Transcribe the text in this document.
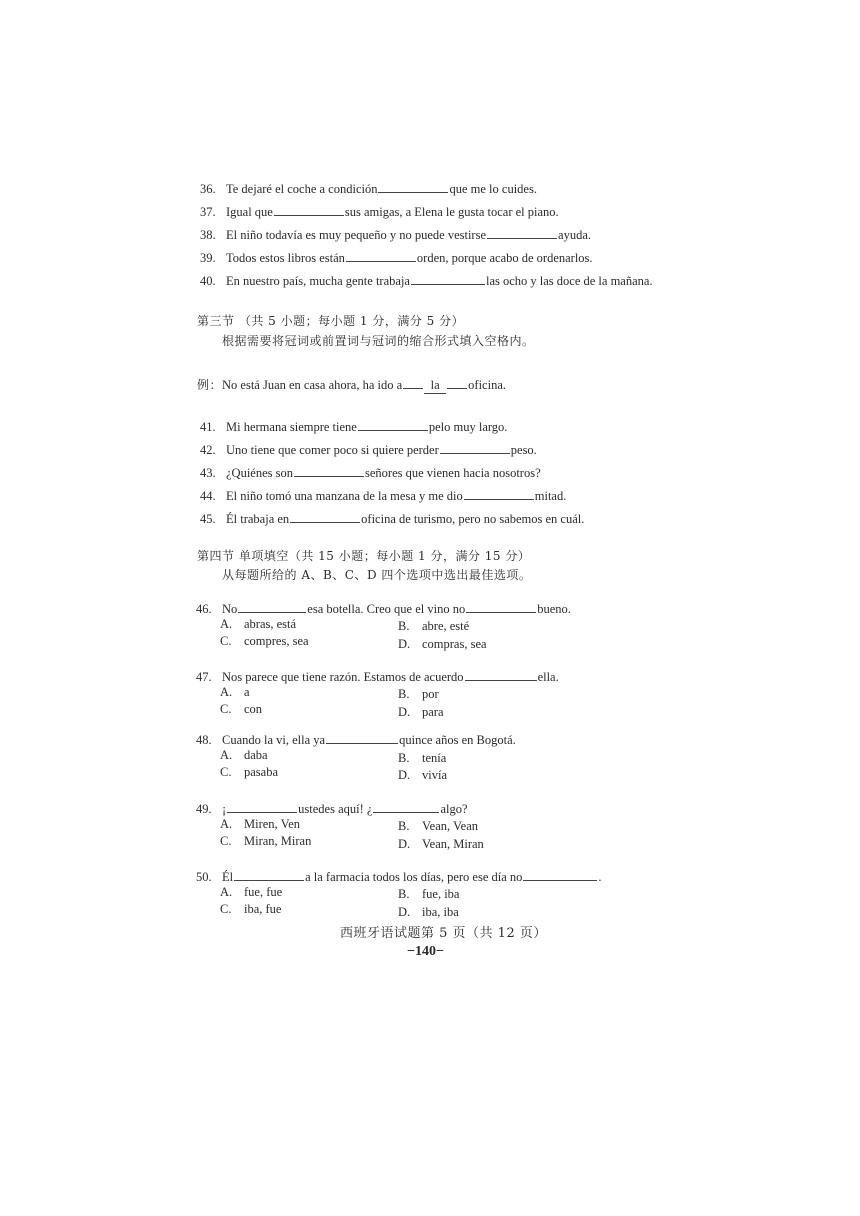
36. Te dejaré el coche a condición	que me lo cuides.
37. Igual que	sus amigas, a Elena le gusta tocar el piano.
38. El niño todavía es muy pequeño y no puede vestirse	ayuda.
39. Todos estos libros están	orden, porque acabo de ordenarlos.
40. En nuestro país, mucha gente trabaja	las ocho y las doce de la mañana.
第三节 （共 5 小题；每小题 1 分，满分 5 分）
根据需要将冠词或前置词与冠词的缩合形式填入空格内。
例：No está Juan en casa ahora, ha ido a la oficina.
41. Mi hermana siempre tiene	pelo muy largo.
42. Uno tiene que comer poco si quiere perder	peso.
43. ¿Quiénes son	señores que vienen hacia nosotros?
44. El niño tomó una manzana de la mesa y me dio	mitad.
45. Él trabaja en	oficina de turismo, pero no sabemos en cuál.
第四节 单项填空（共 15 小题；每小题 1 分，满分 15 分）
从每题所给的 A、B、C、D 四个选项中选出最佳选项。
46. No	esa botella. Creo que el vino no	bueno.
A. abras, está	B. abre, esté
C. compres, sea	D. compras, sea
47. Nos parece que tiene razón. Estamos de acuerdo	ella.
A. a	B. por
C. con	D. para
48. Cuando la vi, ella ya	quince años en Bogotá.
A. daba	B. tenía
C. pasaba	D. vivía
49. ¡	ustedes aquí! ¿	algo?
A. Miren, Ven	B. Vean, Vean
C. Miran, Miran	D. Vean, Miran
50. Él	a la farmacia todos los días, pero ese día no	.
A. fue, fue	B. fue, iba
C. iba, fue	D. iba, iba
西班牙语试题第 5 页（共 12 页）
−140−
